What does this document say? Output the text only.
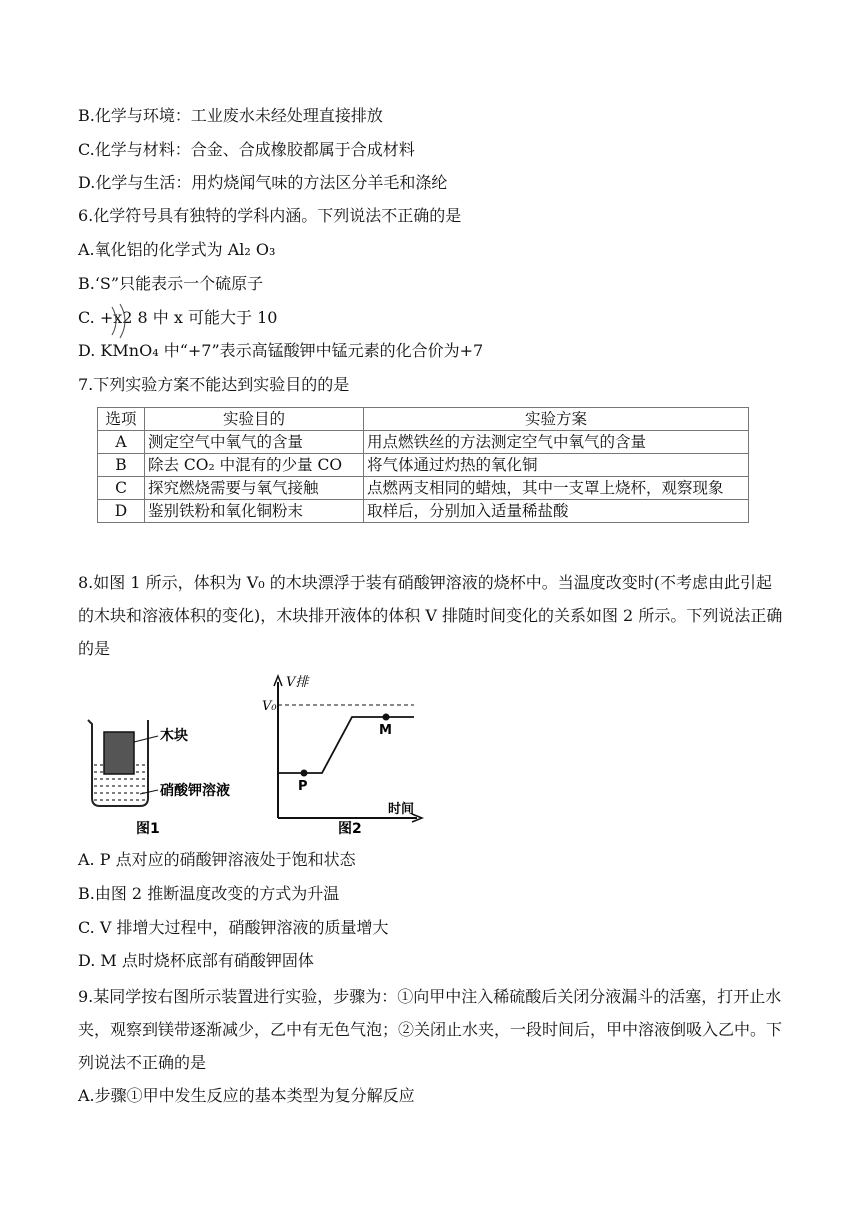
B.化学与环境：工业废水未经处理直接排放
C.化学与材料：合金、合成橡胶都属于合成材料
D.化学与生活：用灼烧闻气味的方法区分羊毛和涤纶
6.化学符号具有独特的学科内涵。下列说法不正确的是
A.氧化铝的化学式为 Al₂ O₃
B.‘S”只能表示一个硫原子
C. +x2 8 中 x 可能大于 10
D. KMnO₄ 中“+7”表示高锰酸钾中锰元素的化合价为+7
7.下列实验方案不能达到实验目的的是
选项	实验目的	实验方案
A	测定空气中氧气的含量	用点燃铁丝的方法测定空气中氧气的含量
B	除去 CO₂ 中混有的少量 CO	将气体通过灼热的氧化铜
C	探究燃烧需要与氧气接触	点燃两支相同的蜡烛，其中一支罩上烧杯，观察现象
D	鉴别铁粉和氧化铜粉末	取样后，分别加入适量稀盐酸
8.如图 1 所示，体积为 V₀ 的木块漂浮于装有硝酸钾溶液的烧杯中。当温度改变时(不考虑由此引起的木块和溶液体积的变化)，木块排开液体的体积 V 排随时间变化的关系如图 2 所示。下列说法正确的是
木块
硝酸钾溶液
图1
V排
V₀
P
M
时间
图2
A. P 点对应的硝酸钾溶液处于饱和状态
B.由图 2 推断温度改变的方式为升温
C. V 排增大过程中，硝酸钾溶液的质量增大
D. M 点时烧杯底部有硝酸钾固体
9.某同学按右图所示装置进行实验，步骤为：①向甲中注入稀硫酸后关闭分液漏斗的活塞，打开止水夹，观察到镁带逐渐减少，乙中有无色气泡；②关闭止水夹，一段时间后，甲中溶液倒吸入乙中。下列说法不正确的是
A.步骤①甲中发生反应的基本类型为复分解反应
